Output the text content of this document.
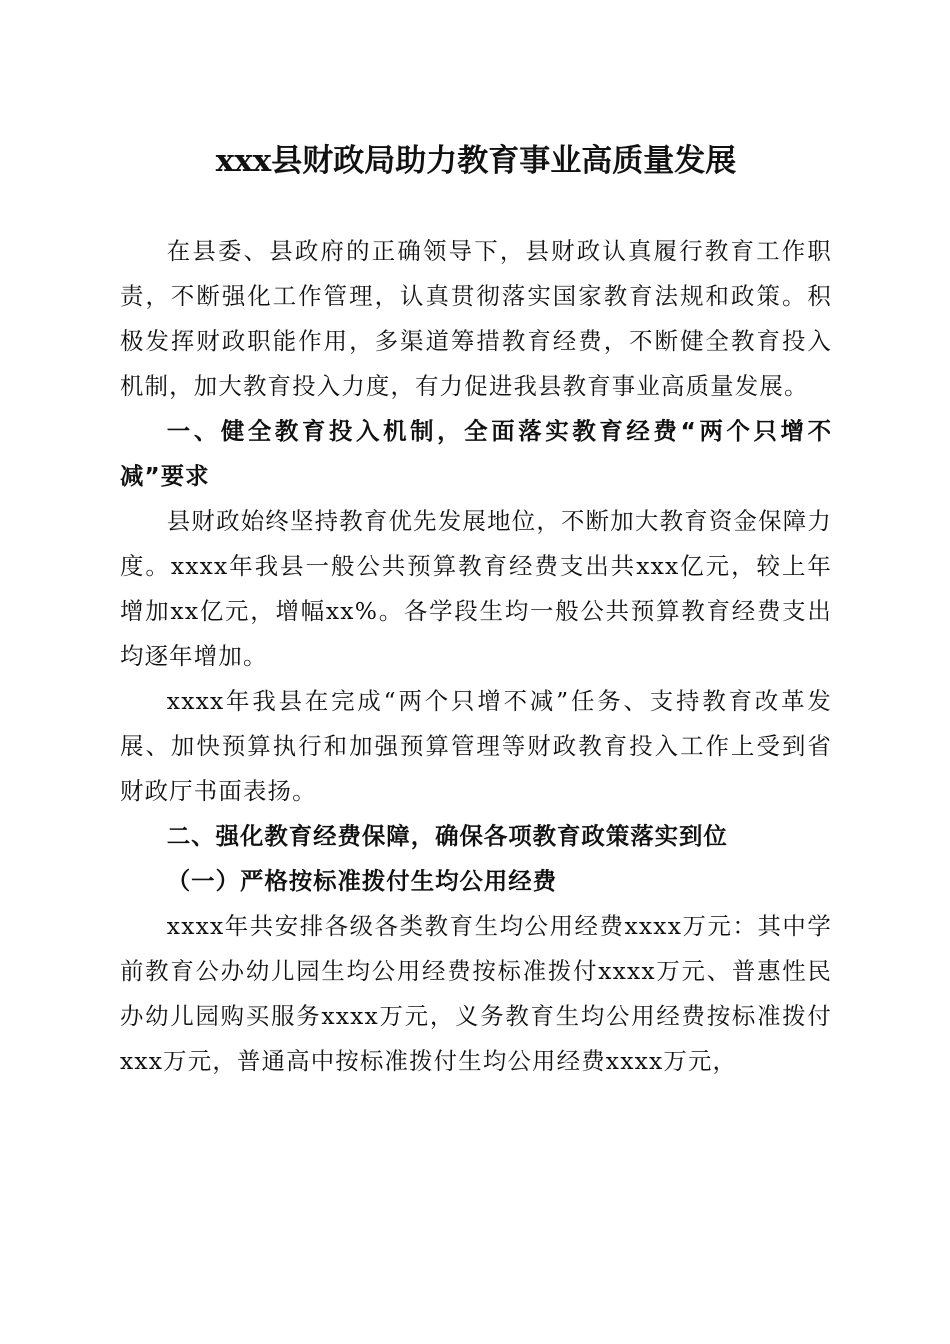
xxx县财政局助力教育事业高质量发展

在县委、县政府的正确领导下，县财政认真履行教育工作职责，不断强化工作管理，认真贯彻落实国家教育法规和政策。积极发挥财政职能作用，多渠道筹措教育经费，不断健全教育投入机制，加大教育投入力度，有力促进我县教育事业高质量发展。

一、健全教育投入机制，全面落实教育经费“两个只增不减”要求

县财政始终坚持教育优先发展地位，不断加大教育资金保障力度。xxxx年我县一般公共预算教育经费支出共xxx亿元，较上年增加xx亿元，增幅xx%。各学段生均一般公共预算教育经费支出均逐年增加。

xxxx年我县在完成“两个只增不减”任务、支持教育改革发展、加快预算执行和加强预算管理等财政教育投入工作上受到省财政厅书面表扬。

二、强化教育经费保障，确保各项教育政策落实到位

（一）严格按标准拨付生均公用经费

xxxx年共安排各级各类教育生均公用经费xxxx万元：其中学前教育公办幼儿园生均公用经费按标准拨付xxxx万元、普惠性民办幼儿园购买服务xxxx万元，义务教育生均公用经费按标准拨付xxx万元，普通高中按标准拨付生均公用经费xxxx万元，
